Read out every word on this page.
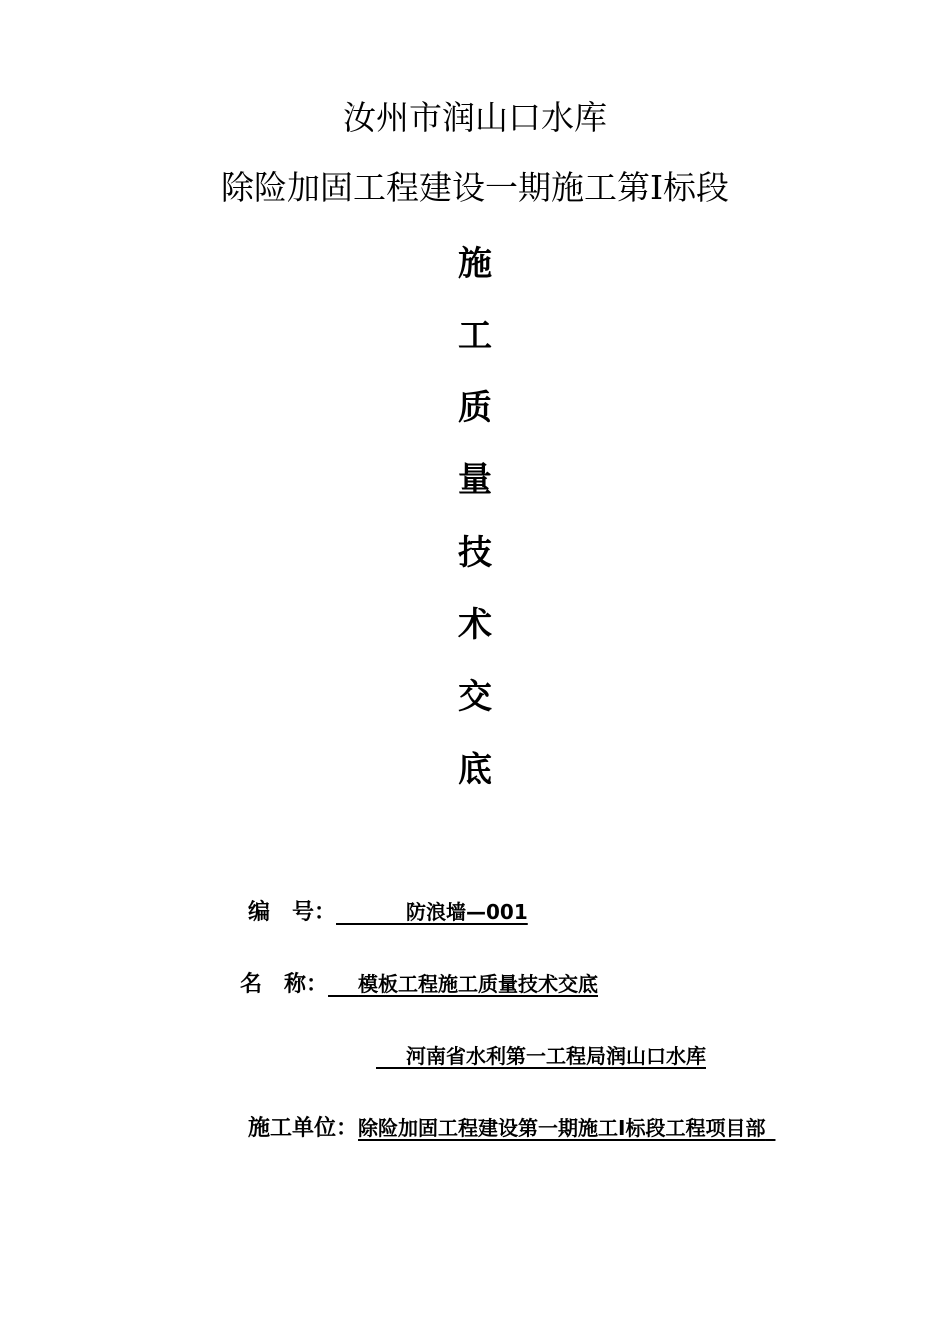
汝州市润山口水库
除险加固工程建设一期施工第Ⅰ标段
施
工
质
量
技
术
交
底
编　号：    	防浪墙—001
名　称：   模板工程施工质量技术交底
  河南省水利第一工程局润山口水库
施工单位：除险加固工程建设第一期施工Ⅰ标段工程项目部 
